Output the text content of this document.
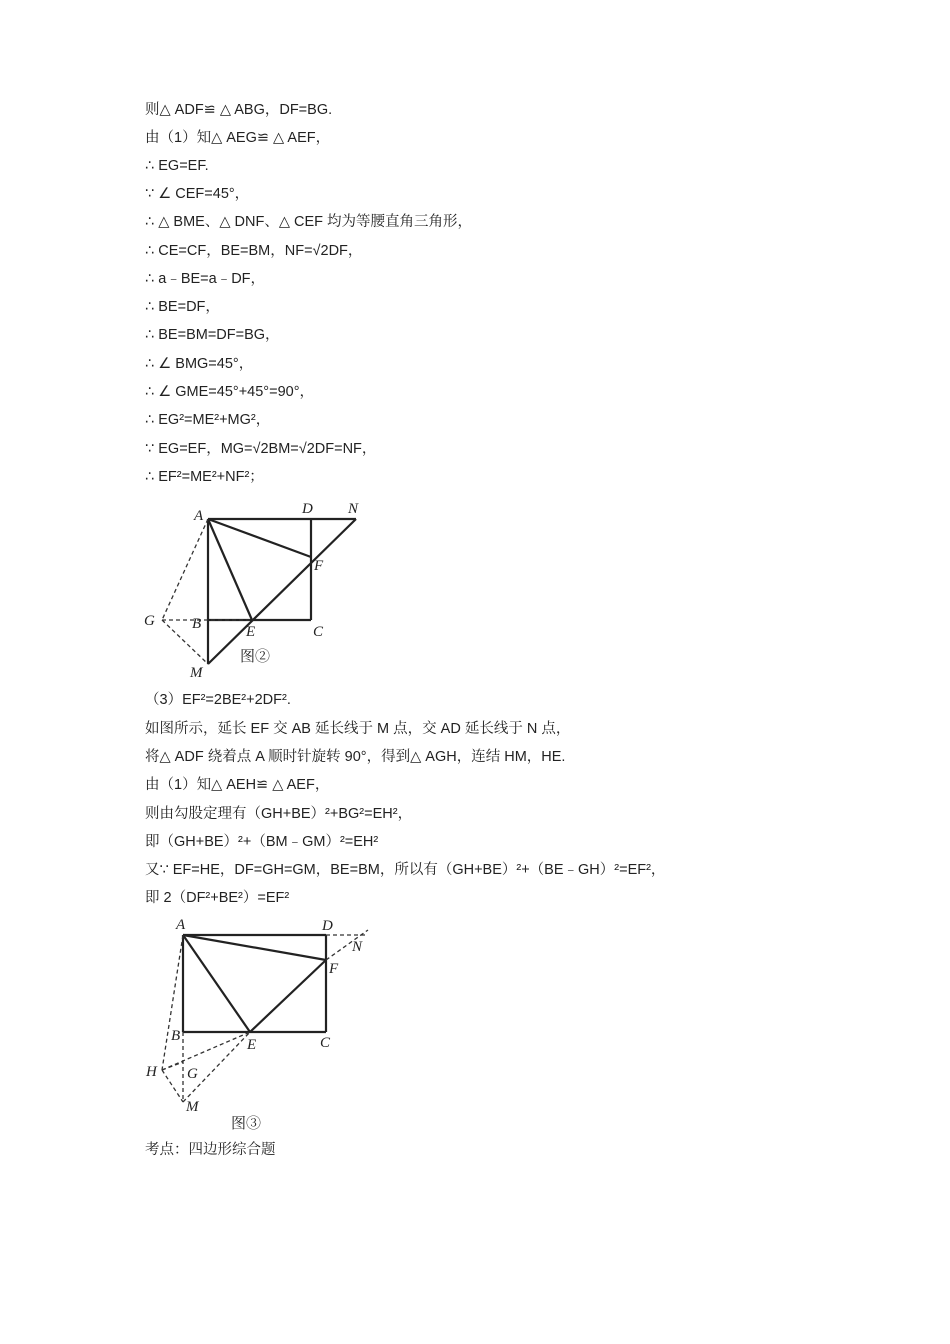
则△ ADF≌ △ ABG，DF=BG.
由（1）知△ AEG≌ △ AEF，
∴ EG=EF.
∵ ∠ CEF=45°，
∴ △ BME、△ DNF、△ CEF 均为等腰直角三角形，
∴ CE=CF，BE=BM，NF=√2DF，
∴ a﹣BE=a﹣DF，
∴ BE=DF，
∴ BE=BM=DF=BG，
∴ ∠ BMG=45°，
∴ ∠ GME=45°+45°=90°，
∴ EG²=ME²+MG²，
∵ EG=EF，MG=√2BM=√2DF=NF，
∴ EF²=ME²+NF²；
A	D N
F
G B	E	C
M
图②
（3）EF²=2BE²+2DF².
如图所示，延长 EF 交 AB 延长线于 M 点，交 AD 延长线于 N 点，
将△ ADF 绕着点 A 顺时针旋转 90°，得到△ AGH，连结 HM，HE.
由（1）知△ AEH≌ △ AEF，
则由勾股定理有（GH+BE）²+BG²=EH²，
即（GH+BE）²+（BM﹣GM）²=EH²
又∵ EF=HE，DF=GH=GM，BE=BM，所以有（GH+BE）²+（BE﹣GH）²=EF²，
即 2（DF²+BE²）=EF²
A	D
N
F
B
E	C
H G
M
图③
考点：四边形综合题
